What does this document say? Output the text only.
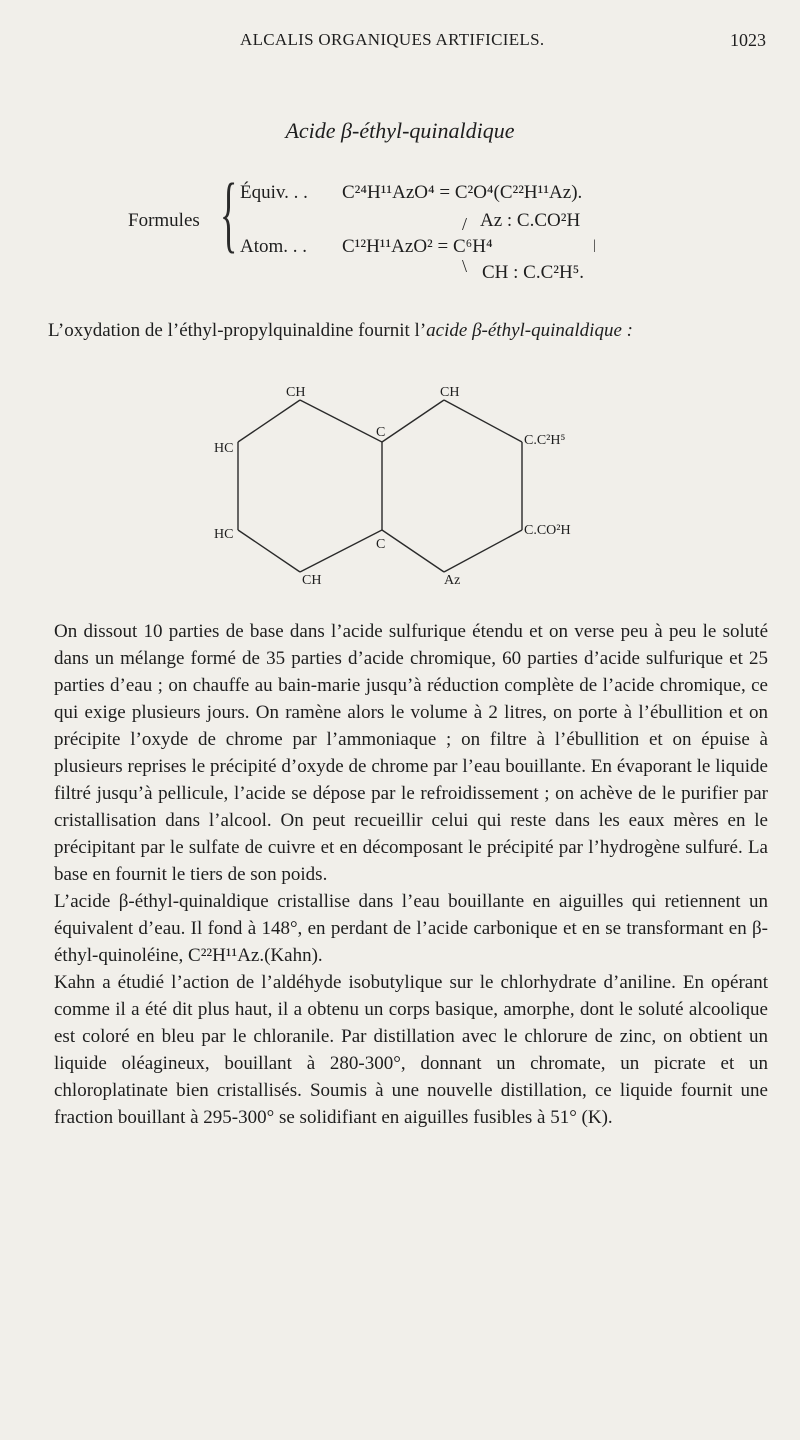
ALCALIS ORGANIQUES ARTIFICIELS.	1023
Acide β-éthyl-quinaldique
Formules { Équiv. . . C²⁴H¹¹AzO⁴ = C²O⁴(C²²H¹¹Az).
Atom. . . C¹²H¹¹AzO² = C⁶H⁴
/ Az : C.CO²H
|
\ CH : C.C²H⁵.
L’oxydation de l’éthyl-propylquinaldine fournit l’acide β-éthyl-quinaldique :
CH	CH
HC
HC
C
C
C.C²H⁵
C.CO²H
CH	Az

On dissout 10 parties de base dans l’acide sulfurique étendu et on verse peu à peu le soluté dans un mélange formé de 35 parties d’acide chromique, 60 parties d’acide sulfurique et 25 parties d’eau ; on chauffe au bain-marie jusqu’à réduction complète de l’acide chromique, ce qui exige plusieurs jours. On ramène alors le volume à 2 litres, on porte à l’ébullition et on précipite l’oxyde de chrome par l’ammoniaque ; on filtre à l’ébullition et on épuise à plusieurs reprises le précipité d’oxyde de chrome par l’eau bouillante. En évaporant le liquide filtré jusqu’à pellicule, l’acide se dépose par le refroidissement ; on achève de le purifier par cristallisation dans l’alcool. On peut recueillir celui qui reste dans les eaux mères en le précipitant par le sulfate de cuivre et en décomposant le précipité par l’hydrogène sulfuré. La base en fournit le tiers de son poids.

L’acide β-éthyl-quinaldique cristallise dans l’eau bouillante en aiguilles qui retiennent un équivalent d’eau. Il fond à 148°, en perdant de l’acide carbonique et en se transformant en β-éthyl-quinoléine, C²²H¹¹Az.(Kahn).

Kahn a étudié l’action de l’aldéhyde isobutylique sur le chlorhydrate d’aniline. En opérant comme il a été dit plus haut, il a obtenu un corps basique, amorphe, dont le soluté alcoolique est coloré en bleu par le chloranile. Par distillation avec le chlorure de zinc, on obtient un liquide oléagineux, bouillant à 280-300°, donnant un chromate, un picrate et un chloroplatinate bien cristallisés. Soumis à une nouvelle distillation, ce liquide fournit une fraction bouillant à 295-300° se solidifiant en aiguilles fusibles à 51° (K).
